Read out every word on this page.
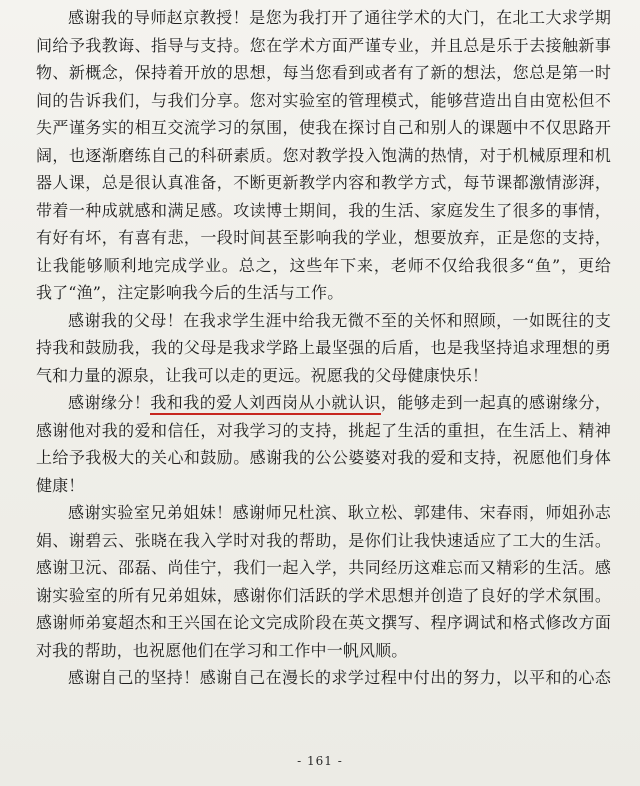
感谢我的导师赵京教授！是您为我打开了通往学术的大门，在北工大求学期
间给予我教诲、指导与支持。您在学术方面严谨专业，并且总是乐于去接触新事
物、新概念，保持着开放的思想，每当您看到或者有了新的想法，您总是第一时
间的告诉我们，与我们分享。您对实验室的管理模式，能够营造出自由宽松但不
失严谨务实的相互交流学习的氛围，使我在探讨自己和别人的课题中不仅思路开
阔，也逐渐磨练自己的科研素质。您对教学投入饱满的热情，对于机械原理和机
器人课，总是很认真准备，不断更新教学内容和教学方式，每节课都激情澎湃，
带着一种成就感和满足感。攻读博士期间，我的生活、家庭发生了很多的事情，
有好有坏，有喜有悲，一段时间甚至影响我的学业，想要放弃，正是您的支持，
让我能够顺利地完成学业。总之，这些年下来，老师不仅给我很多“鱼”，更给
我了“渔”，注定影响我今后的生活与工作。

感谢我的父母！在我求学生涯中给我无微不至的关怀和照顾，一如既往的支
持我和鼓励我，我的父母是我求学路上最坚强的后盾，也是我坚持追求理想的勇
气和力量的源泉，让我可以走的更远。祝愿我的父母健康快乐！

感谢缘分！我和我的爱人刘西岗从小就认识，能够走到一起真的感谢缘分，
感谢他对我的爱和信任，对我学习的支持，挑起了生活的重担，在生活上、精神
上给予我极大的关心和鼓励。感谢我的公公婆婆对我的爱和支持，祝愿他们身体
健康！

感谢实验室兄弟姐妹！感谢师兄杜滨、耿立松、郭建伟、宋春雨，师姐孙志
娟、谢碧云、张晓在我入学时对我的帮助，是你们让我快速适应了工大的生活。
感谢卫沅、邵磊、尚佳宁，我们一起入学，共同经历这难忘而又精彩的生活。感
谢实验室的所有兄弟姐妹，感谢你们活跃的学术思想并创造了良好的学术氛围。
感谢师弟宴超杰和王兴国在论文完成阶段在英文撰写、程序调试和格式修改方面
对我的帮助，也祝愿他们在学习和工作中一帆风顺。

感谢自己的坚持！感谢自己在漫长的求学过程中付出的努力，以平和的心态

- 161 -
